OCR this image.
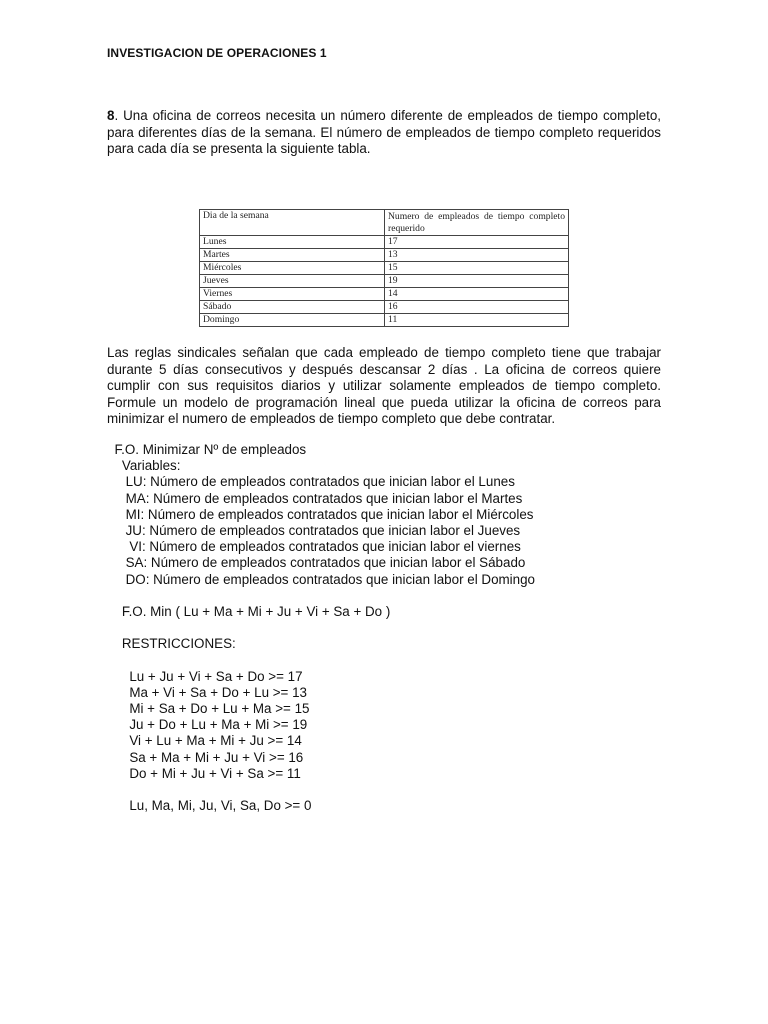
INVESTIGACION DE OPERACIONES 1
8. Una oficina de correos necesita un número diferente de empleados de tiempo completo, para diferentes días de la semana. El número de empleados de tiempo completo requeridos para cada día se presenta la siguiente tabla.
Dia de la semana	Numero de empleados de tiempo completo requerido
Lunes	17
Martes	13
Miércoles	15
Jueves	19
Viernes	14
Sábado	16
Domingo	11
Las reglas sindicales señalan que cada empleado de tiempo completo tiene que trabajar durante 5 días consecutivos y después descansar 2 días . La oficina de correos quiere cumplir con sus requisitos diarios y utilizar solamente empleados de tiempo completo. Formule un modelo de programación lineal que pueda utilizar la oficina de correos para minimizar el numero de empleados de tiempo completo que debe contratar.
F.O. Minimizar Nº de empleados
Variables:
LU: Número de empleados contratados que inician labor el Lunes
MA: Número de empleados contratados que inician labor el Martes
MI: Número de empleados contratados que inician labor el Miércoles
JU: Número de empleados contratados que inician labor el Jueves
VI: Número de empleados contratados que inician labor el viernes
SA: Número de empleados contratados que inician labor el Sábado
DO: Número de empleados contratados que inician labor el Domingo
F.O. Min ( Lu + Ma + Mi + Ju + Vi + Sa + Do )
RESTRICCIONES:
Lu + Ju + Vi + Sa + Do >= 17
Ma + Vi + Sa + Do + Lu >= 13
Mi + Sa + Do + Lu + Ma >= 15
Ju + Do + Lu + Ma + Mi >= 19
Vi + Lu + Ma + Mi + Ju >= 14
Sa + Ma + Mi + Ju + Vi >= 16
Do + Mi + Ju + Vi + Sa >= 11
Lu, Ma, Mi, Ju, Vi, Sa, Do >= 0
